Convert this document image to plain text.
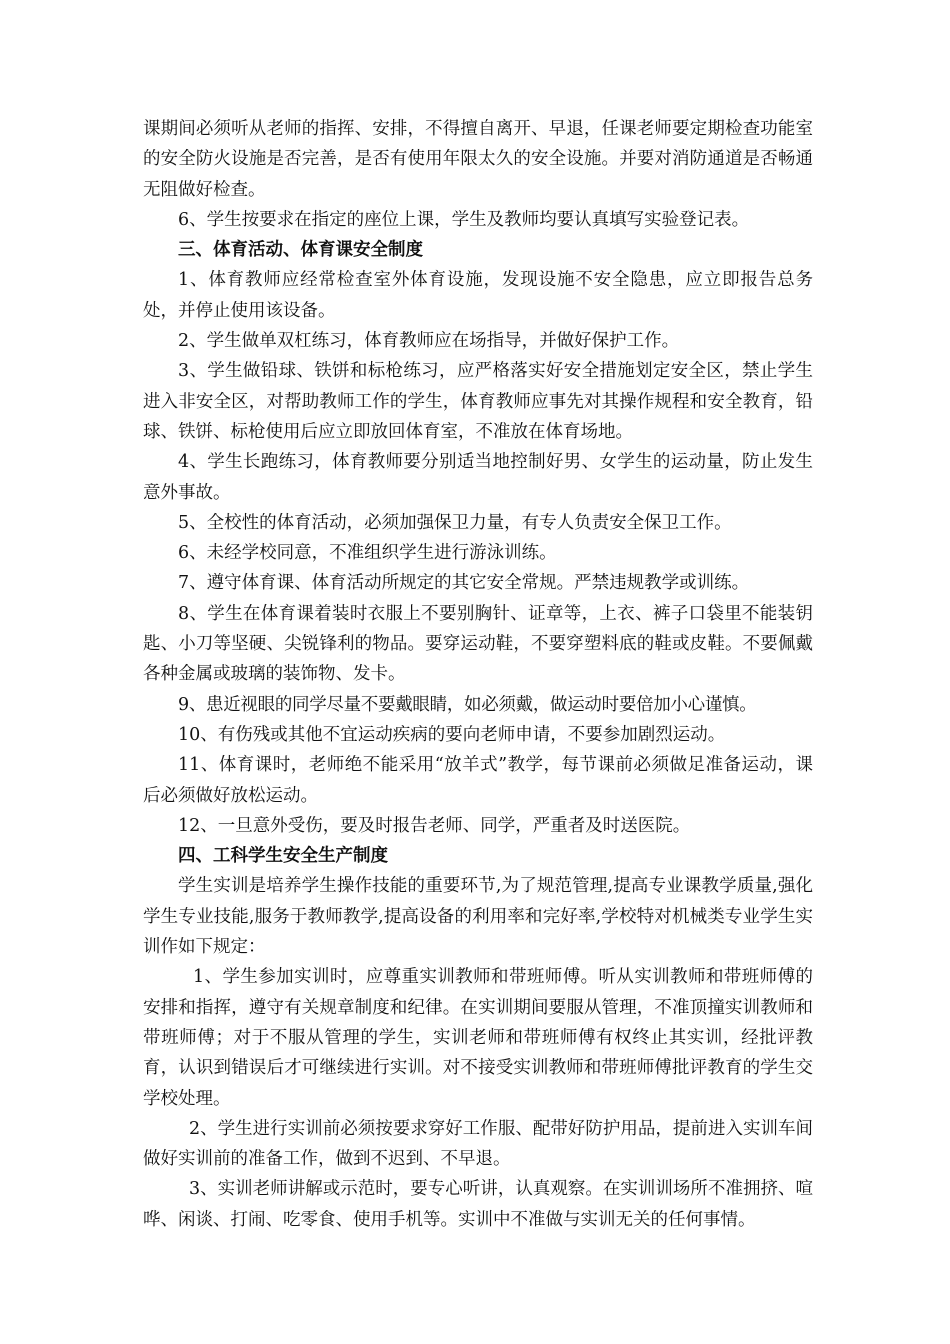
课期间必须听从老师的指挥、安排，不得擅自离开、早退，任课老师要定期检查功能室的安全防火设施是否完善，是否有使用年限太久的安全设施。并要对消防通道是否畅通无阻做好检查。

6、学生按要求在指定的座位上课，学生及教师均要认真填写实验登记表。

三、体育活动、体育课安全制度

1、体育教师应经常检查室外体育设施，发现设施不安全隐患，应立即报告总务处，并停止使用该设备。

2、学生做单双杠练习，体育教师应在场指导，并做好保护工作。

3、学生做铅球、铁饼和标枪练习，应严格落实好安全措施划定安全区，禁止学生进入非安全区，对帮助教师工作的学生，体育教师应事先对其操作规程和安全教育，铅球、铁饼、标枪使用后应立即放回体育室，不准放在体育场地。

4、学生长跑练习，体育教师要分别适当地控制好男、女学生的运动量，防止发生意外事故。

5、全校性的体育活动，必须加强保卫力量，有专人负责安全保卫工作。

6、未经学校同意，不准组织学生进行游泳训练。

7、遵守体育课、体育活动所规定的其它安全常规。严禁违规教学或训练。

8、学生在体育课着装时衣服上不要别胸针、证章等，上衣、裤子口袋里不能装钥匙、小刀等坚硬、尖锐锋利的物品。要穿运动鞋，不要穿塑料底的鞋或皮鞋。不要佩戴各种金属或玻璃的装饰物、发卡。

9、患近视眼的同学尽量不要戴眼睛，如必须戴，做运动时要倍加小心谨慎。

10、有伤残或其他不宜运动疾病的要向老师申请，不要参加剧烈运动。

11、体育课时，老师绝不能采用“放羊式”教学，每节课前必须做足准备运动，课后必须做好放松运动。

12、一旦意外受伤，要及时报告老师、同学，严重者及时送医院。

四、工科学生安全生产制度

学生实训是培养学生操作技能的重要环节,为了规范管理,提高专业课教学质量,强化学生专业技能,服务于教师教学,提高设备的利用率和完好率,学校特对机械类专业学生实训作如下规定：

1、学生参加实训时，应尊重实训教师和带班师傅。听从实训教师和带班师傅的安排和指挥，遵守有关规章制度和纪律。在实训期间要服从管理，不准顶撞实训教师和带班师傅；对于不服从管理的学生，实训老师和带班师傅有权终止其实训，经批评教育，认识到错误后才可继续进行实训。对不接受实训教师和带班师傅批评教育的学生交学校处理。

2、学生进行实训前必须按要求穿好工作服、配带好防护用品，提前进入实训车间做好实训前的准备工作，做到不迟到、不早退。

3、实训老师讲解或示范时，要专心听讲，认真观察。在实训训场所不准拥挤、喧哗、闲谈、打闹、吃零食、使用手机等。实训中不准做与实训无关的任何事情。
